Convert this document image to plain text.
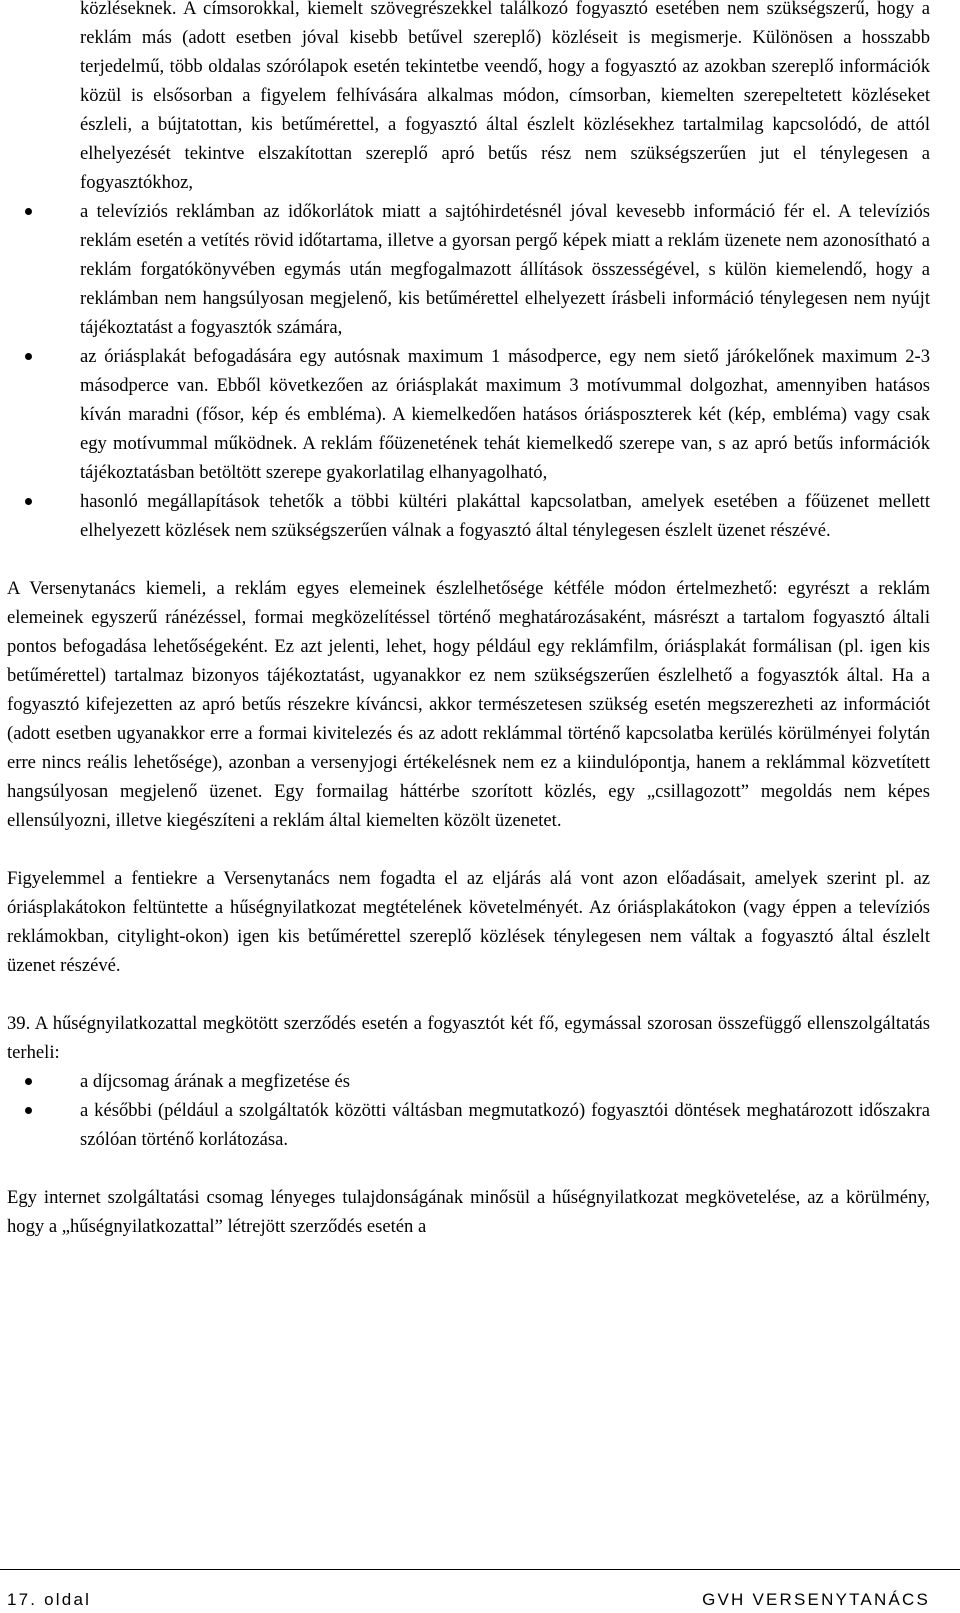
közléseknek. A címsorokkal, kiemelt szövegrészekkel találkozó fogyasztó esetében nem szükségszerű, hogy a reklám más (adott esetben jóval kisebb betűvel szereplő) közléseit is megismerje. Különösen a hosszabb terjedelmű, több oldalas szórólapok esetén tekintetbe veendő, hogy a fogyasztó az azokban szereplő információk közül is elsősorban a figyelem felhívására alkalmas módon, címsorban, kiemelten szerepeltetett közléseket észleli, a bújtatottan, kis betűmérettel, a fogyasztó által észlelt közlésekhez tartalmilag kapcsolódó, de attól elhelyezését tekintve elszakítottan szereplő apró betűs rész nem szükségszerűen jut el ténylegesen a fogyasztókhoz,
a televíziós reklámban az időkorlátok miatt a sajtóhirdetésnél jóval kevesebb információ fér el. A televíziós reklám esetén a vetítés rövid időtartama, illetve a gyorsan pergő képek miatt a reklám üzenete nem azonosítható a reklám forgatókönyvében egymás után megfogalmazott állítások összességével, s külön kiemelendő, hogy a reklámban nem hangsúlyosan megjelenő, kis betűmérettel elhelyezett írásbeli információ ténylegesen nem nyújt tájékoztatást a fogyasztók számára,
az óriásplakát befogadására egy autósnak maximum 1 másodperce, egy nem siető járókelőnek maximum 2-3 másodperce van. Ebből következően az óriásplakát maximum 3 motívummal dolgozhat, amennyiben hatásos kíván maradni (fősor, kép és embléma). A kiemelkedően hatásos óriásposzterek két (kép, embléma) vagy csak egy motívummal működnek. A reklám főüzenetének tehát kiemelkedő szerepe van, s az apró betűs információk tájékoztatásban betöltött szerepe gyakorlatilag elhanyagolható,
hasonló megállapítások tehetők a többi kültéri plakáttal kapcsolatban, amelyek esetében a főüzenet mellett elhelyezett közlések nem szükségszerűen válnak a fogyasztó által ténylegesen észlelt üzenet részévé.

A Versenytanács kiemeli, a reklám egyes elemeinek észlelhetősége kétféle módon értelmezhető: egyrészt a reklám elemeinek egyszerű ránézéssel, formai megközelítéssel történő meghatározásaként, másrészt a tartalom fogyasztó általi pontos befogadása lehetőségeként. Ez azt jelenti, lehet, hogy például egy reklámfilm, óriásplakát formálisan (pl. igen kis betűmérettel) tartalmaz bizonyos tájékoztatást, ugyanakkor ez nem szükségszerűen észlelhető a fogyasztók által. Ha a fogyasztó kifejezetten az apró betűs részekre kíváncsi, akkor természetesen szükség esetén megszerezheti az információt (adott esetben ugyanakkor erre a formai kivitelezés és az adott reklámmal történő kapcsolatba kerülés körülményei folytán erre nincs reális lehetősége), azonban a versenyjogi értékelésnek nem ez a kiindulópontja, hanem a reklámmal közvetített hangsúlyosan megjelenő üzenet. Egy formailag háttérbe szorított közlés, egy „csillagozott” megoldás nem képes ellensúlyozni, illetve kiegészíteni a reklám által kiemelten közölt üzenetet.

Figyelemmel a fentiekre a Versenytanács nem fogadta el az eljárás alá vont azon előadásait, amelyek szerint pl. az óriásplakátokon feltüntette a hűségnyilatkozat megtételének követelményét. Az óriásplakátokon (vagy éppen a televíziós reklámokban, citylight-okon) igen kis betűmérettel szereplő közlések ténylegesen nem váltak a fogyasztó által észlelt üzenet részévé.

39. A hűségnyilatkozattal megkötött szerződés esetén a fogyasztót két fő, egymással szorosan összefüggő ellenszolgáltatás terheli:

a díjcsomag árának a megfizetése és
a későbbi (például a szolgáltatók közötti váltásban megmutatkozó) fogyasztói döntések meghatározott időszakra szólóan történő korlátozása.

Egy internet szolgáltatási csomag lényeges tulajdonságának minősül a hűségnyilatkozat megkövetelése, az a körülmény, hogy a „hűségnyilatkozattal” létrejött szerződés esetén a

17. oldal	GVH VERSENYTANÁCS
